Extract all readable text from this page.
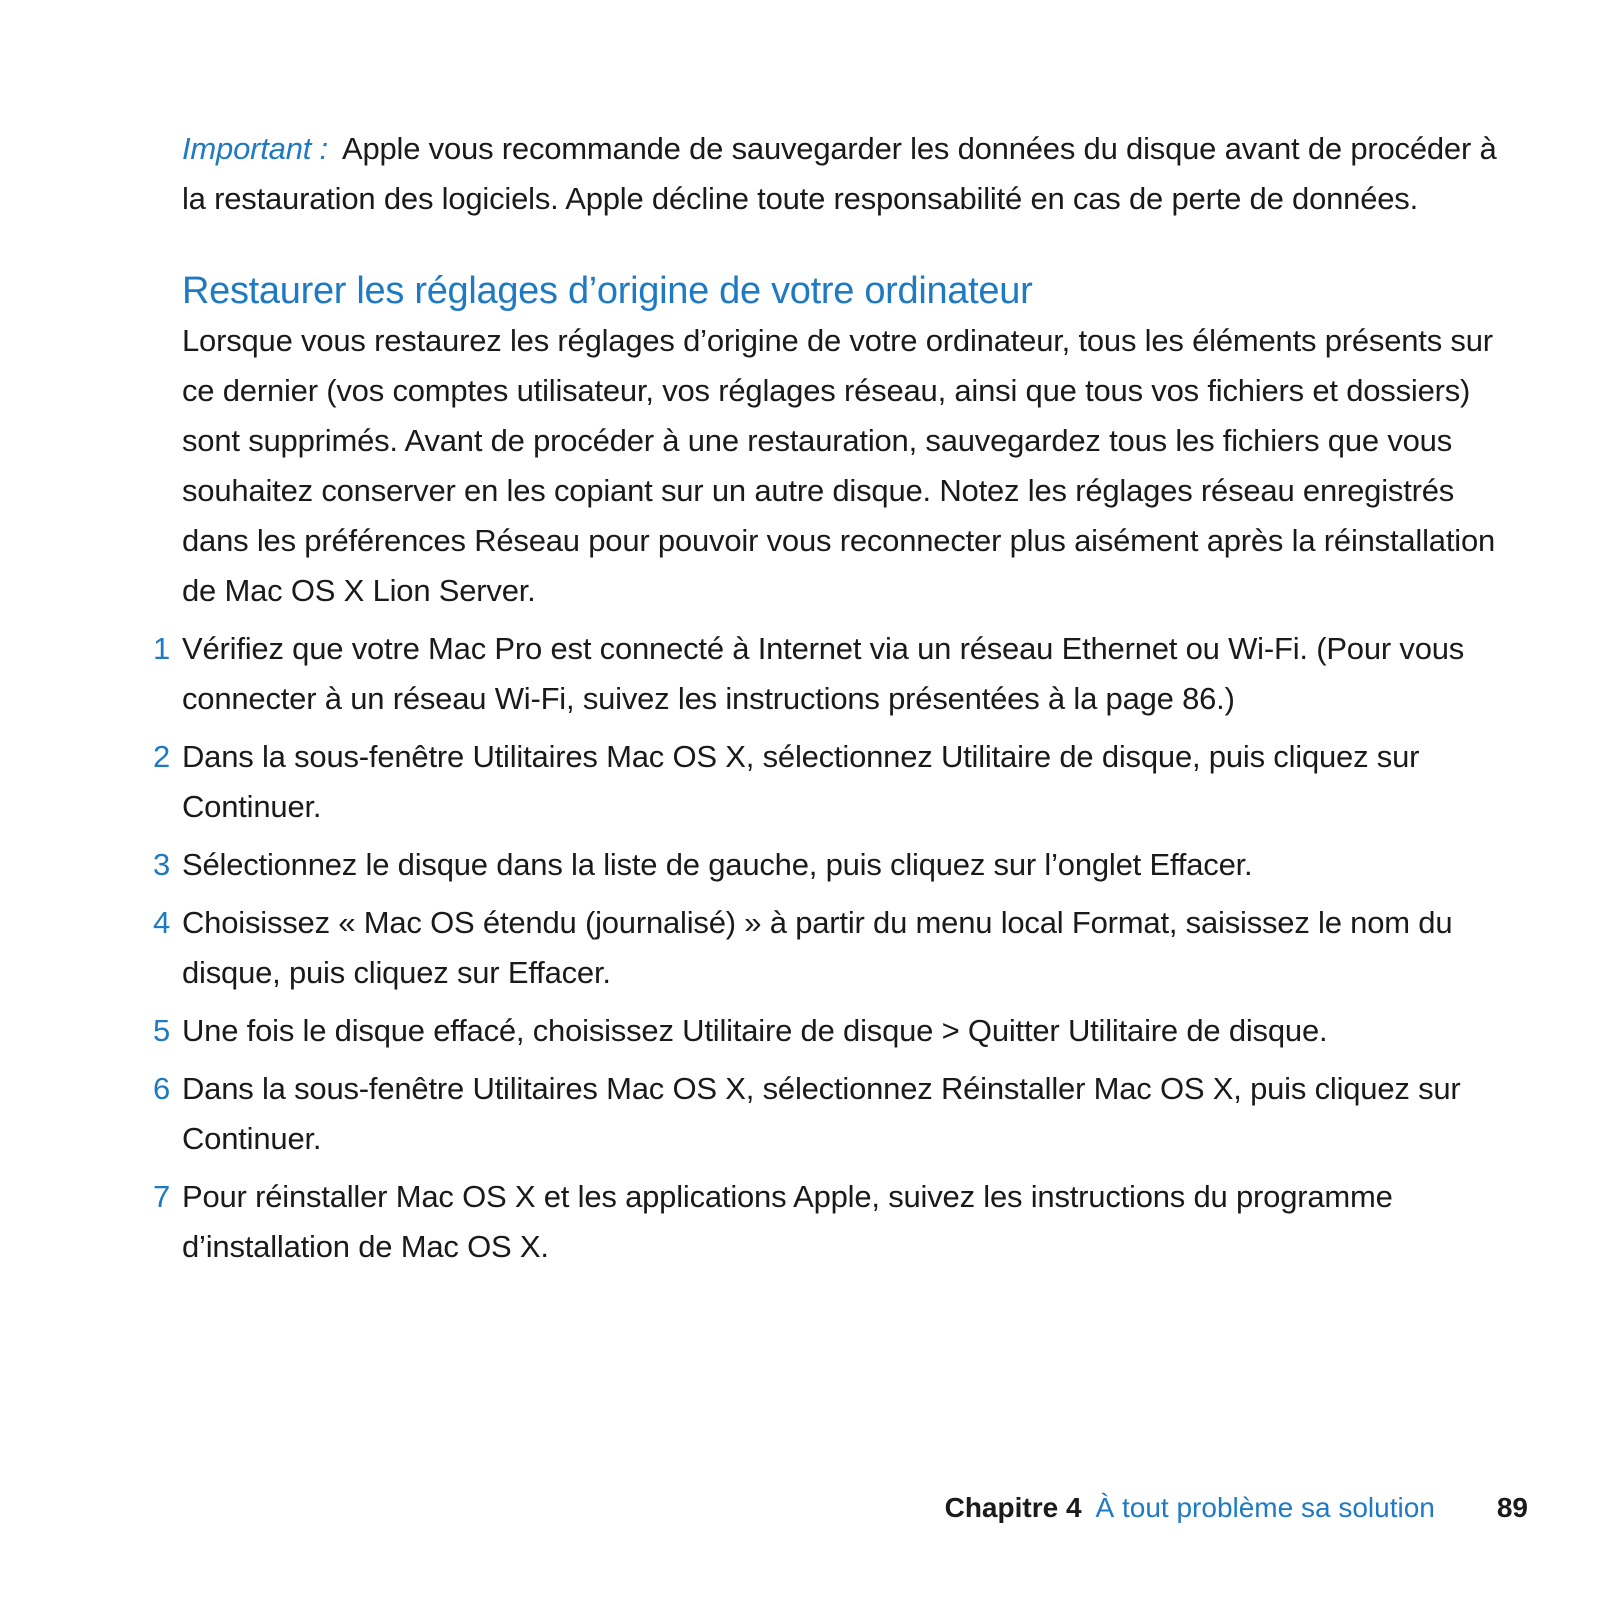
Important : Apple vous recommande de sauvegarder les données du disque avant de procéder à la restauration des logiciels. Apple décline toute responsabilité en cas de perte de données.

Restaurer les réglages d’origine de votre ordinateur

Lorsque vous restaurez les réglages d’origine de votre ordinateur, tous les éléments présents sur ce dernier (vos comptes utilisateur, vos réglages réseau, ainsi que tous vos fichiers et dossiers) sont supprimés. Avant de procéder à une restauration, sauvegardez tous les fichiers que vous souhaitez conserver en les copiant sur un autre disque. Notez les réglages réseau enregistrés dans les préférences Réseau pour pouvoir vous reconnecter plus aisément après la réinstallation de Mac OS X Lion Server.

1 Vérifiez que votre Mac Pro est connecté à Internet via un réseau Ethernet ou Wi-Fi. (Pour vous connecter à un réseau Wi-Fi, suivez les instructions présentées à la page 86.)
2 Dans la sous-fenêtre Utilitaires Mac OS X, sélectionnez Utilitaire de disque, puis cliquez sur Continuer.
3 Sélectionnez le disque dans la liste de gauche, puis cliquez sur l’onglet Effacer.
4 Choisissez « Mac OS étendu (journalisé) » à partir du menu local Format, saisissez le nom du disque, puis cliquez sur Effacer.
5 Une fois le disque effacé, choisissez Utilitaire de disque > Quitter Utilitaire de disque.
6 Dans la sous-fenêtre Utilitaires Mac OS X, sélectionnez Réinstaller Mac OS X, puis cliquez sur Continuer.
7 Pour réinstaller Mac OS X et les applications Apple, suivez les instructions du programme d’installation de Mac OS X.
Chapitre 4 À tout problème sa solution 89
